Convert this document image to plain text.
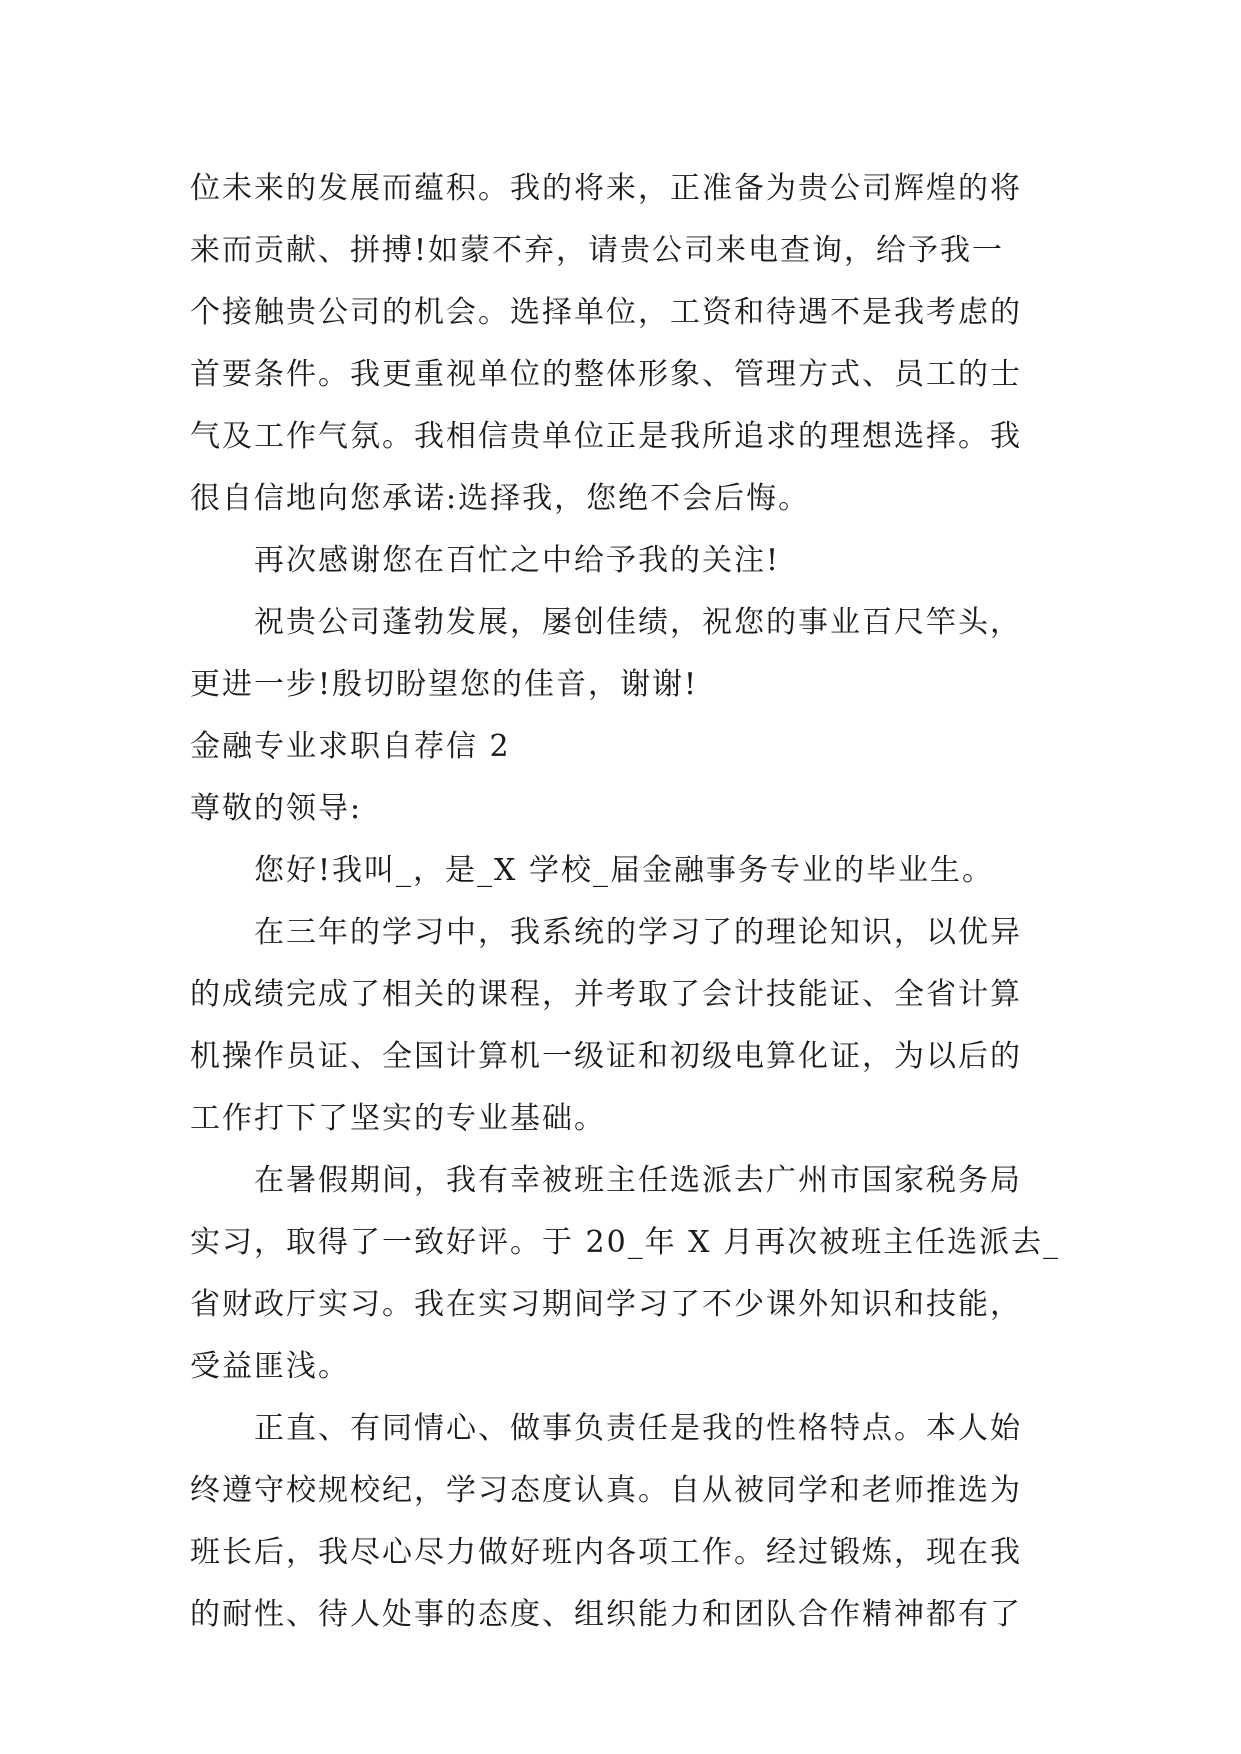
位未来的发展而蕴积。我的将来，正准备为贵公司辉煌的将
来而贡献、拼搏!如蒙不弃，请贵公司来电查询，给予我一
个接触贵公司的机会。选择单位，工资和待遇不是我考虑的
首要条件。我更重视单位的整体形象、管理方式、员工的士
气及工作气氛。我相信贵单位正是我所追求的理想选择。我
很自信地向您承诺:选择我，您绝不会后悔。
再次感谢您在百忙之中给予我的关注!
祝贵公司蓬勃发展，屡创佳绩，祝您的事业百尺竿头，
更进一步!殷切盼望您的佳音，谢谢!
金融专业求职自荐信 2
尊敬的领导:
您好!我叫_，是_X 学校_届金融事务专业的毕业生。
在三年的学习中，我系统的学习了的理论知识，以优异
的成绩完成了相关的课程，并考取了会计技能证、全省计算
机操作员证、全国计算机一级证和初级电算化证，为以后的
工作打下了坚实的专业基础。
在暑假期间，我有幸被班主任选派去广州市国家税务局
实习，取得了一致好评。于 20_年 X 月再次被班主任选派去_
省财政厅实习。我在实习期间学习了不少课外知识和技能，
受益匪浅。
正直、有同情心、做事负责任是我的性格特点。本人始
终遵守校规校纪，学习态度认真。自从被同学和老师推选为
班长后，我尽心尽力做好班内各项工作。经过锻炼，现在我
的耐性、待人处事的态度、组织能力和团队合作精神都有了
